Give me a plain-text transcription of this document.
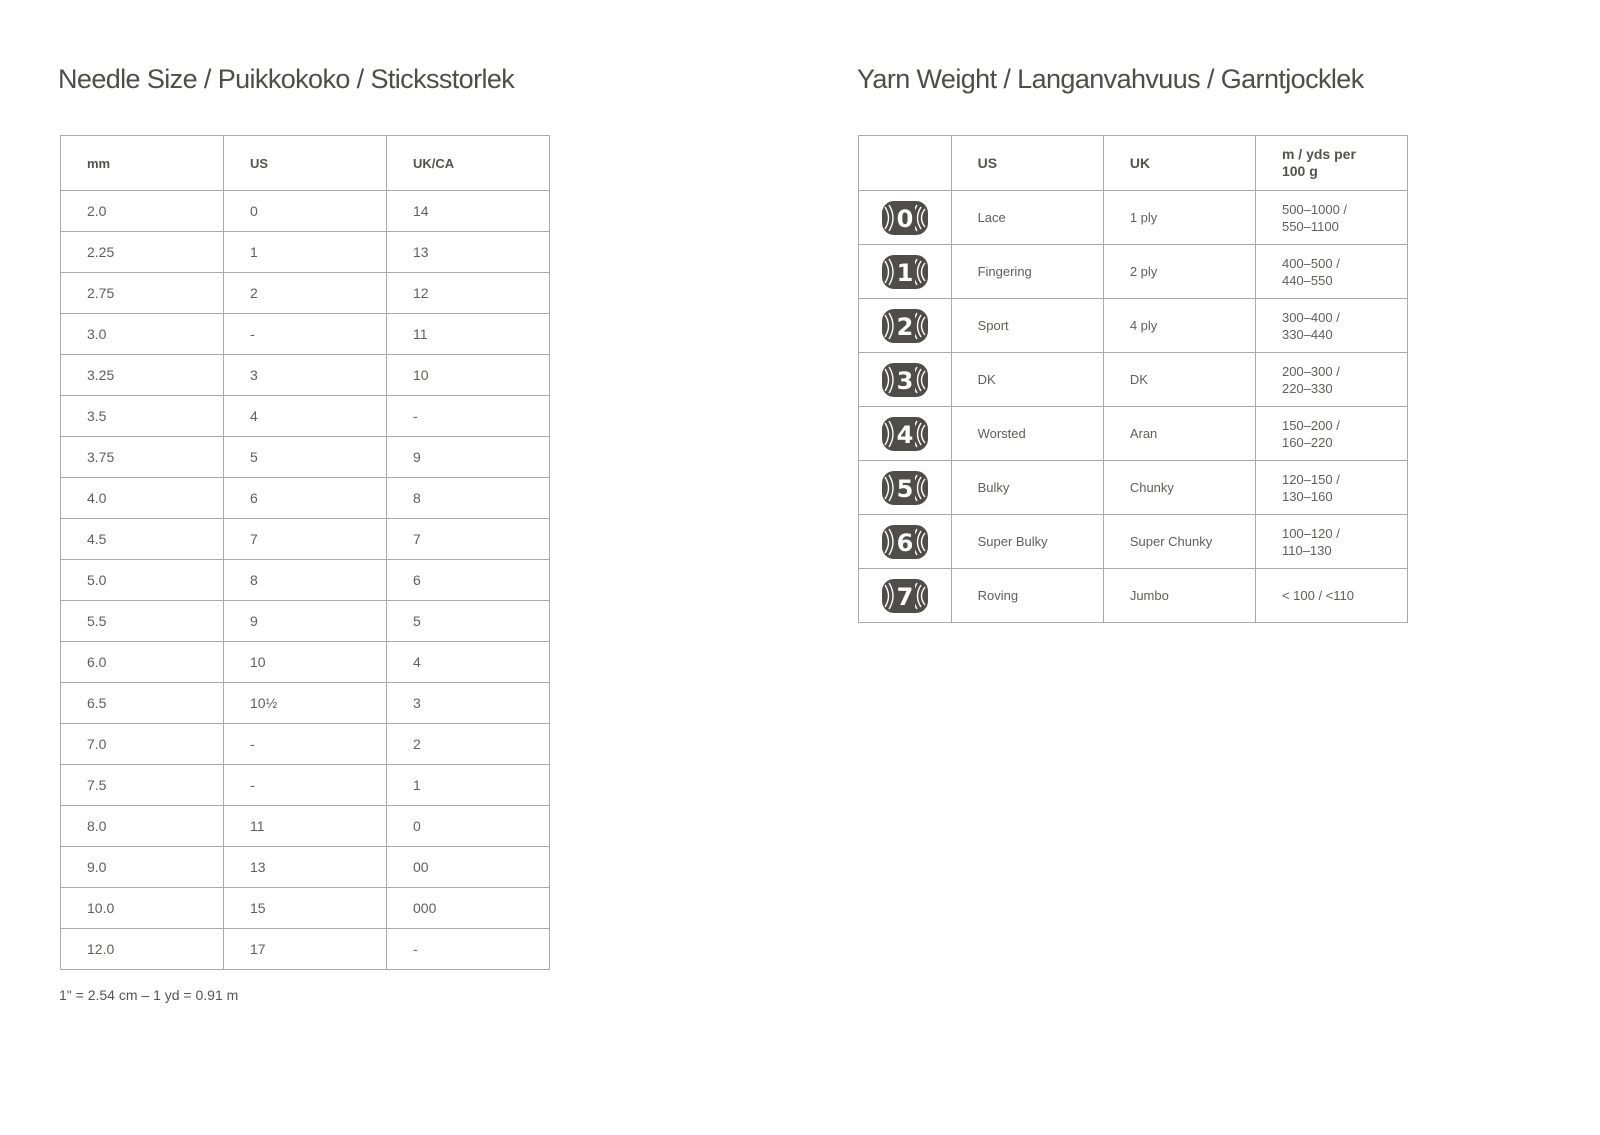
Needle Size / Puikkokoko / Sticksstorlek
mm	US	UK/CA
2.0	0	14
2.25	1	13
2.75	2	12
3.0	-	11
3.25	3	10
3.5	4	-
3.75	5	9
4.0	6	8
4.5	7	7
5.0	8	6
5.5	9	5
6.0	10	4
6.5	10½	3
7.0	-	2
7.5	-	1
8.0	11	0
9.0	13	00
10.0	15	000
12.0	17	-
Yarn Weight / Langanvahvuus / Garntjocklek
	US	UK	m / yds per
100 g

0	Lace	1 ply	500–1000 /
550–1100

1	Fingering	2 ply	400–500 /
440–550

2	Sport	4 ply	300–400 /
330–440

3	DK	DK	200–300 /
220–330

4	Worsted	Aran	150–200 /
160–220

5	Bulky	Chunky	120–150 /
130–160

6	Super Bulky	Super Chunky	100–120 /
110–130

7	Roving	Jumbo	< 100 / <110
1" = 2.54 cm – 1 yd = 0.91 m
